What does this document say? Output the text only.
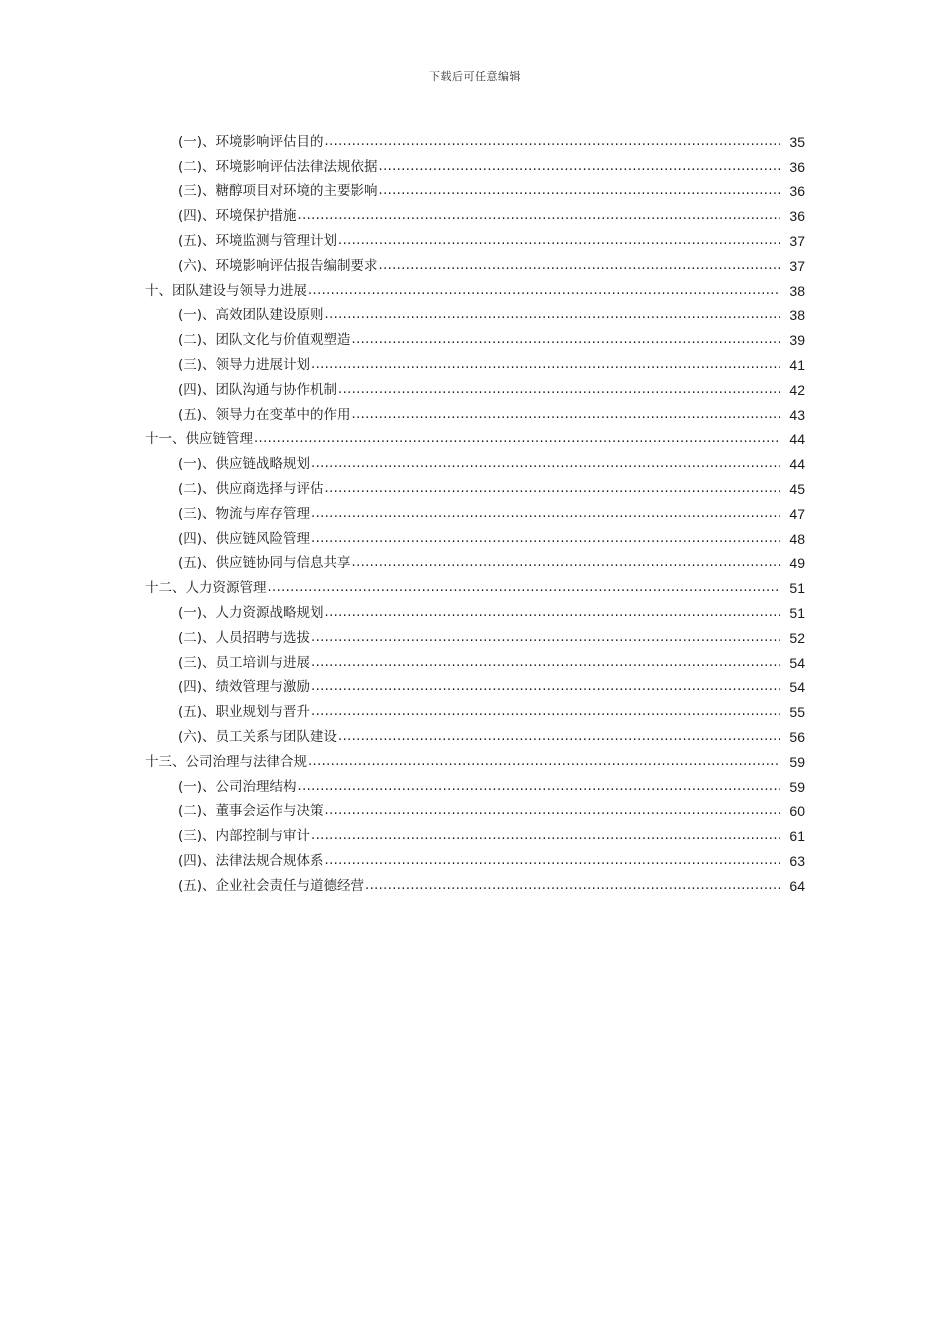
下载后可任意编辑
(一)、环境影响评估目的 .....	35
(二)、环境影响评估法律法规依据 .....	36
(三)、糖醇项目对环境的主要影响 .....	36
(四)、环境保护措施 .....	36
(五)、环境监测与管理计划 .....	37
(六)、环境影响评估报告编制要求 .....	37
十、团队建设与领导力进展 .....	38
(一)、高效团队建设原则 .....	38
(二)、团队文化与价值观塑造 .....	39
(三)、领导力进展计划 .....	41
(四)、团队沟通与协作机制 .....	42
(五)、领导力在变革中的作用 .....	43
十一、供应链管理 .....	44
(一)、供应链战略规划 .....	44
(二)、供应商选择与评估 .....	45
(三)、物流与库存管理 .....	47
(四)、供应链风险管理 .....	48
(五)、供应链协同与信息共享 .....	49
十二、人力资源管理 .....	51
(一)、人力资源战略规划 .....	51
(二)、人员招聘与选拔 .....	52
(三)、员工培训与进展 .....	54
(四)、绩效管理与激励 .....	54
(五)、职业规划与晋升 .....	55
(六)、员工关系与团队建设 .....	56
十三、公司治理与法律合规 .....	59
(一)、公司治理结构 .....	59
(二)、董事会运作与决策 .....	60
(三)、内部控制与审计 .....	61
(四)、法律法规合规体系 .....	63
(五)、企业社会责任与道德经营 .....	64
